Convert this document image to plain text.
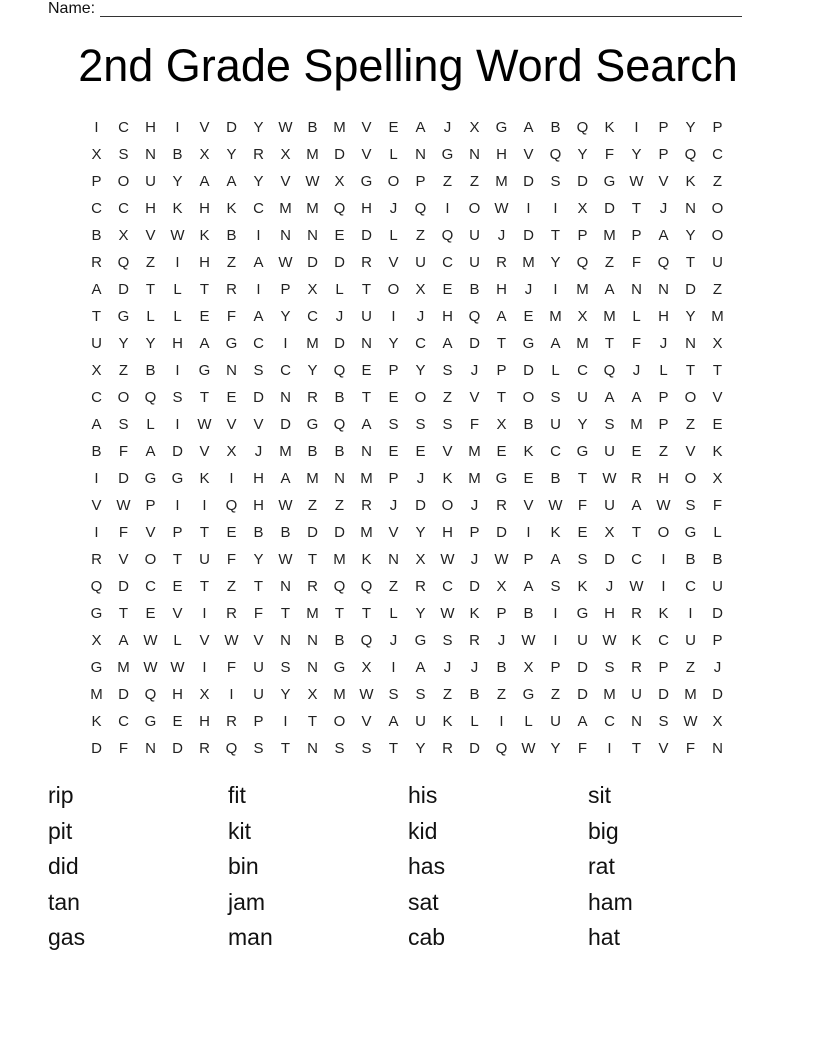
Name:
2nd Grade Spelling Word Search
I	C	H	I	V	D	Y W B	M	V	E	A	J	X	G	A	B	Q	K	I	P	Y	P
X	S	N	B	X	Y	R	X	M	D	V	L	N	G	N	H	V	Q	Y	F	Y	P	Q	C
P	O	U	Y	A	A	Y	V W X	G	O	P	Z	Z	M	D	S	D	G W V	K	Z
C	C	H	K	H	K	C	M M Q	H	J	Q	I	O W	I	I	X	D	T	J	N	O
B	X	V W K	B	I	N	N	E	D	L	Z	Q	U	J	D	T	P	M	P	A	Y	O
R	Q	Z	I	H	Z	A W D	D	R	V	U	C	U	R	M	Y	Q	Z	F	Q	T	U
A	D	T	L	T	R	I	P	X	L	T	O	X	E	B	H	J	I	M	A	N	N	D	Z
T	G	L	L	E	F	A	Y	C	J	U	I	J	H	Q	A	E	M	X	M	L	H	Y	M
U	Y	Y	H	A	G	C	I	M	D	N	Y	C	A	D	T	G	A	M	T	F	J	N	X
X	Z	B	I	G	N	S	C	Y	Q	E	P	Y	S	J	P	D	L	C	Q	J	L	T	T
C	O	Q	S	T	E	D	N	R	B	T	E	O	Z	V	T	O	S	U	A	A	P	O	V
A	S	L	I	W V	V	D	G	Q	A	S	S	S	F	X	B	U	Y	S	M	P	Z	E
B	F	A	D	V	X	J	M	B	B	N	E	E	V	M	E	K	C	G	U	E	Z	V	K
I	D	G	G	K	I	H	A	M	N	M	P	J	K	M G	E	B	T	W R	H	O	X
V W P	I	I	Q	H W	Z	Z	R	J	D	O	J	R	V W	F	U	A W S	F
I	F	V	P	T	E	B	B	D	D	M	V	Y	H	P	D	I	K	E	X	T	O	G	L
R	V	O	T	U	F	Y W	T	M	K	N	X W	J	W P	A	S	D	C	I	B	B
Q	D	C	E	T	Z	T	N	R	Q	Q	Z	R	C	D	X	A	S	K	J	W	I	C	U
G	T	E	V	I	R	F	T	M	T	T	L	Y W K	P	B	I	G	H	R	K	I	D
X	A W	L	V W V	N	N	B	Q	J	G	S	R	J	W	I	U W K	C	U	P
G M W W	I	F	U	S	N	G	X	I	A	J	J	B	X	P	D	S	R	P	Z	J
M	D	Q	H	X	I	U	Y	X	M W S	S	Z	B	Z	G	Z	D	M	U	D	M	D
K	C	G	E	H	R	P	I	T	O	V	A	U	K	L	I	L	U	A	C	N	S W X
D	F	N	D	R	Q	S	T	N	S	S	T	Y	R	D	Q W Y	F	I	T	V	F	N
rip	fit	his	sit
pit	kit	kid	big
did	bin	has	rat
tan	jam	sat	ham
gas	man	cab	hat
